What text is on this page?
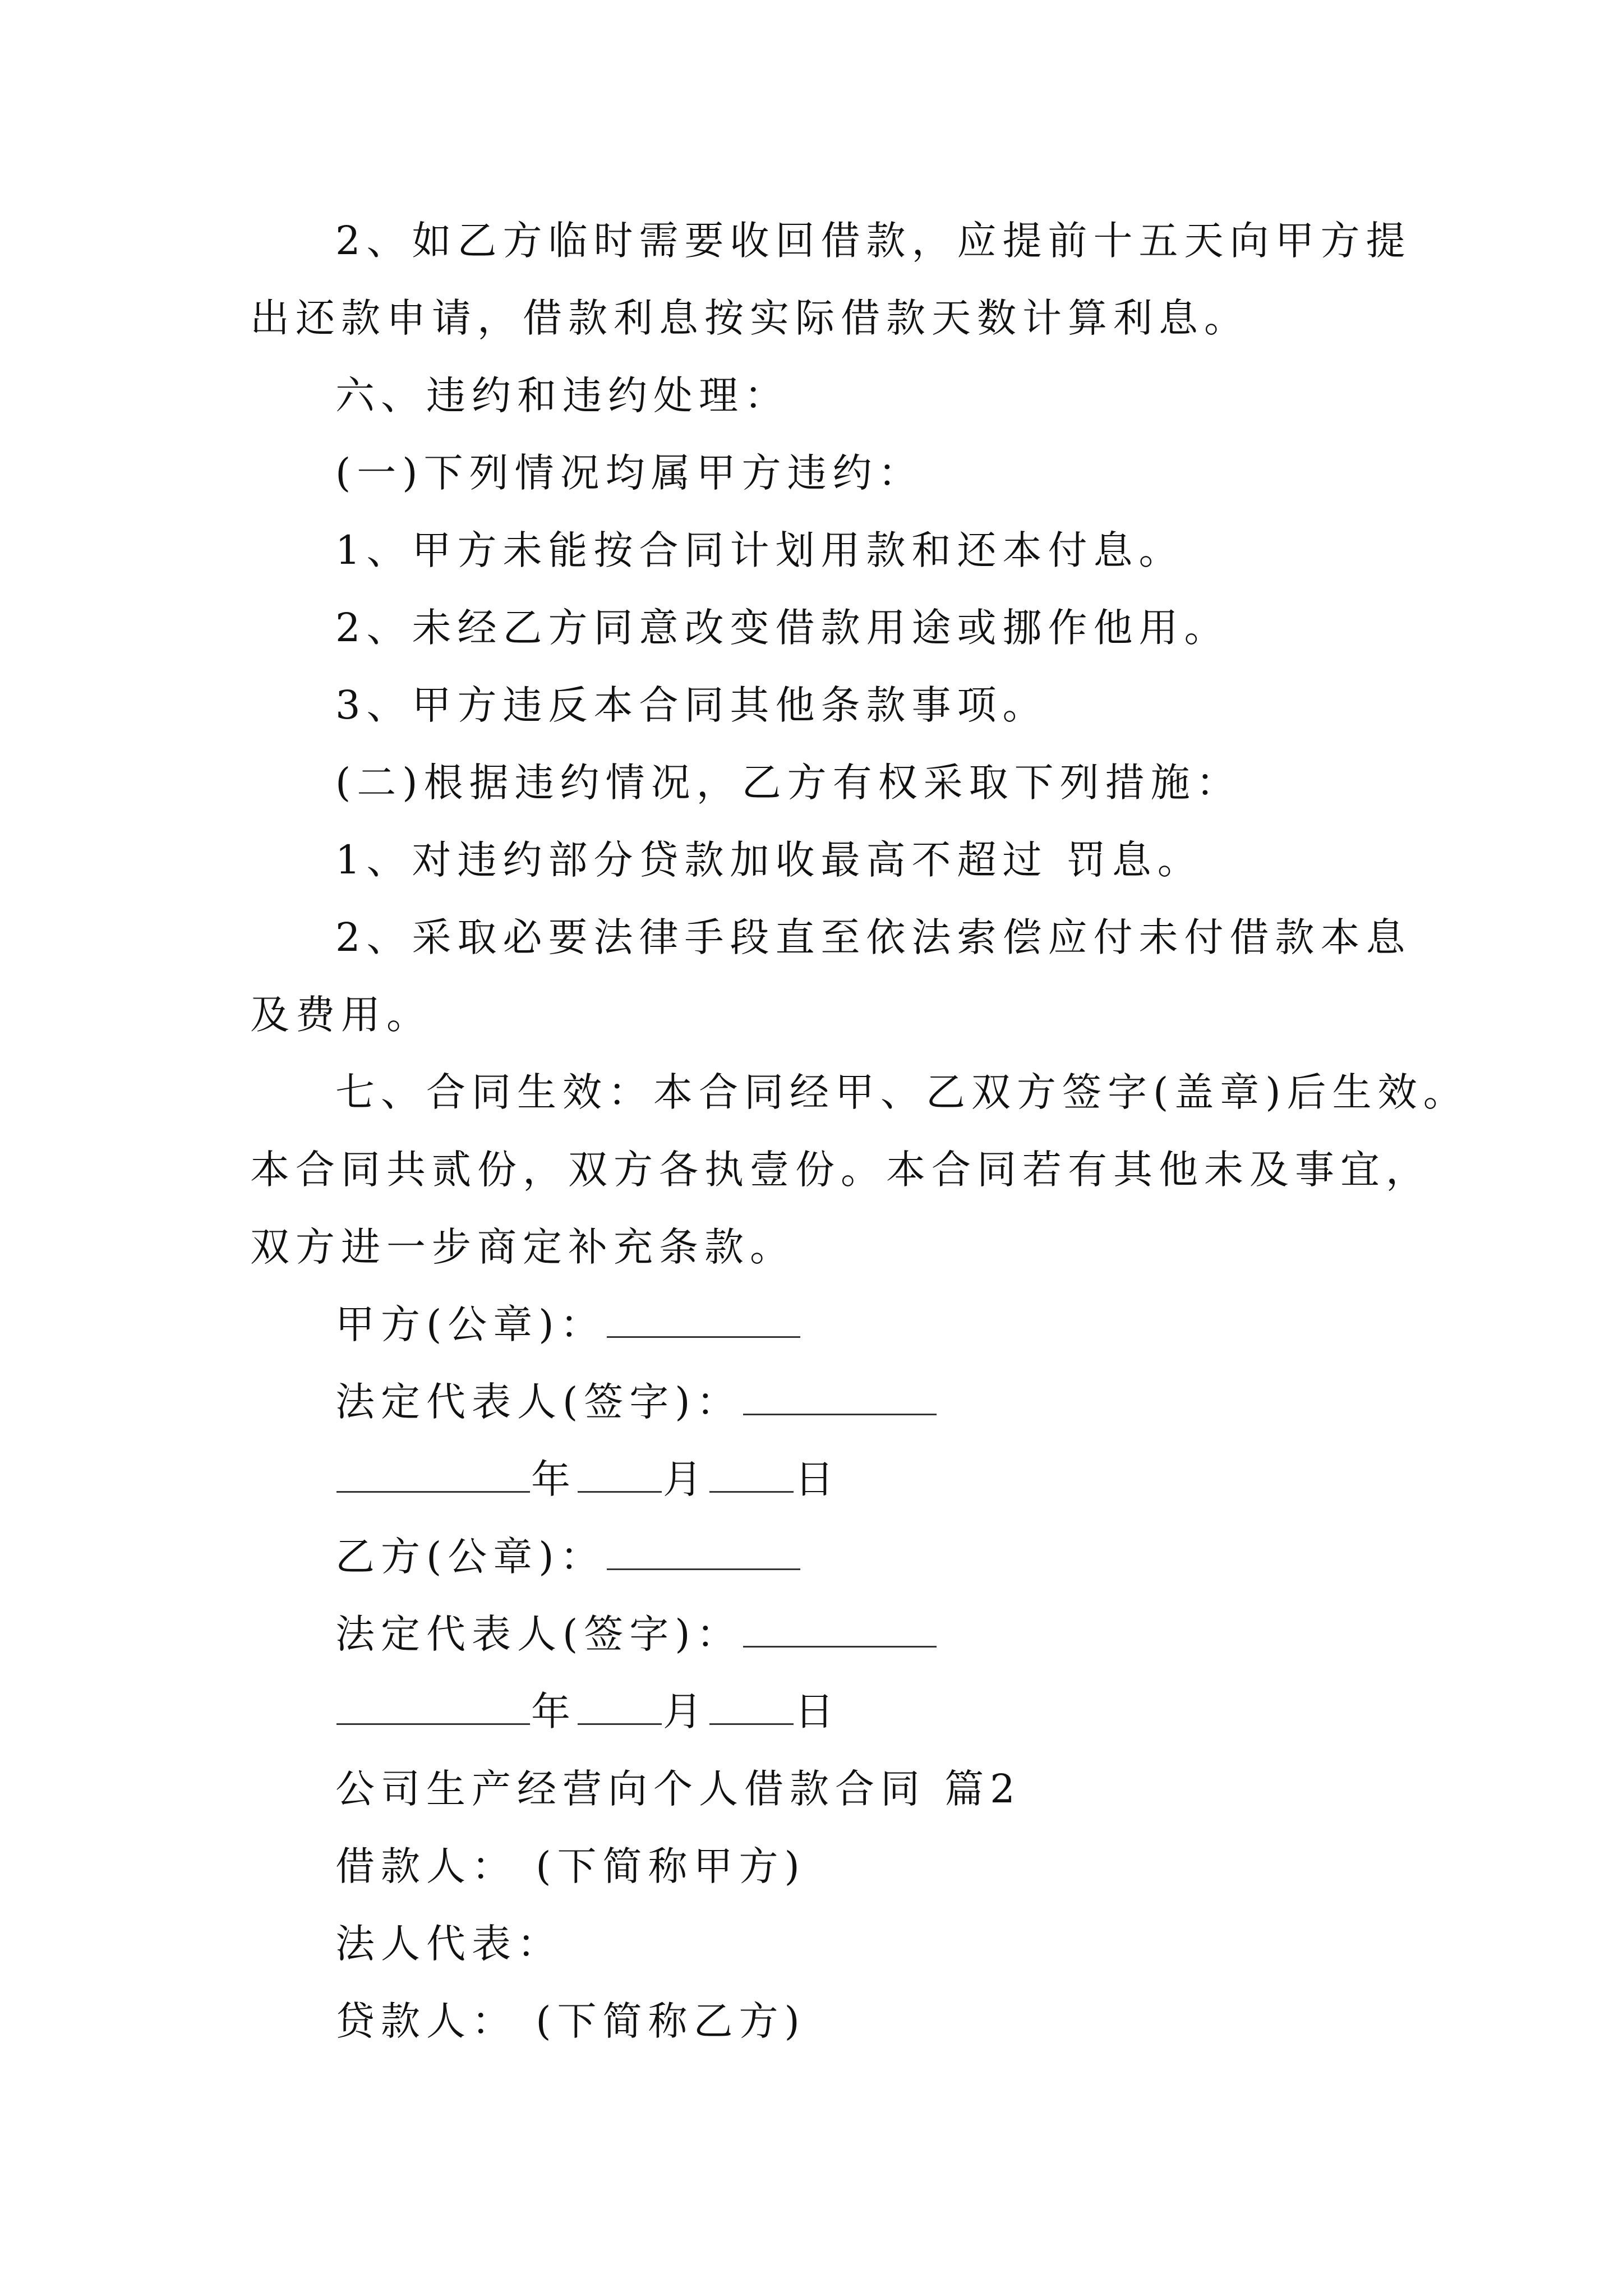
2、如乙方临时需要收回借款，应提前十五天向甲方提

出还款申请，借款利息按实际借款天数计算利息。

六、违约和违约处理：

(一)下列情况均属甲方违约：

1、甲方未能按合同计划用款和还本付息。

2、未经乙方同意改变借款用途或挪作他用。

3、甲方违反本合同其他条款事项。

(二)根据违约情况，乙方有权采取下列措施：

1、对违约部分贷款加收最高不超过 罚息。

2、采取必要法律手段直至依法索偿应付未付借款本息

及费用。

七、合同生效：本合同经甲、乙双方签字(盖章)后生效。

本合同共贰份，双方各执壹份。本合同若有其他未及事宜，

双方进一步商定补充条款。

甲方(公章)：
法定代表人(签字)：
年 月 日
乙方(公章)：
法定代表人(签字)：
年 月 日

公司生产经营向个人借款合同 篇2

借款人： (下简称甲方)

法人代表：

贷款人： (下简称乙方)
